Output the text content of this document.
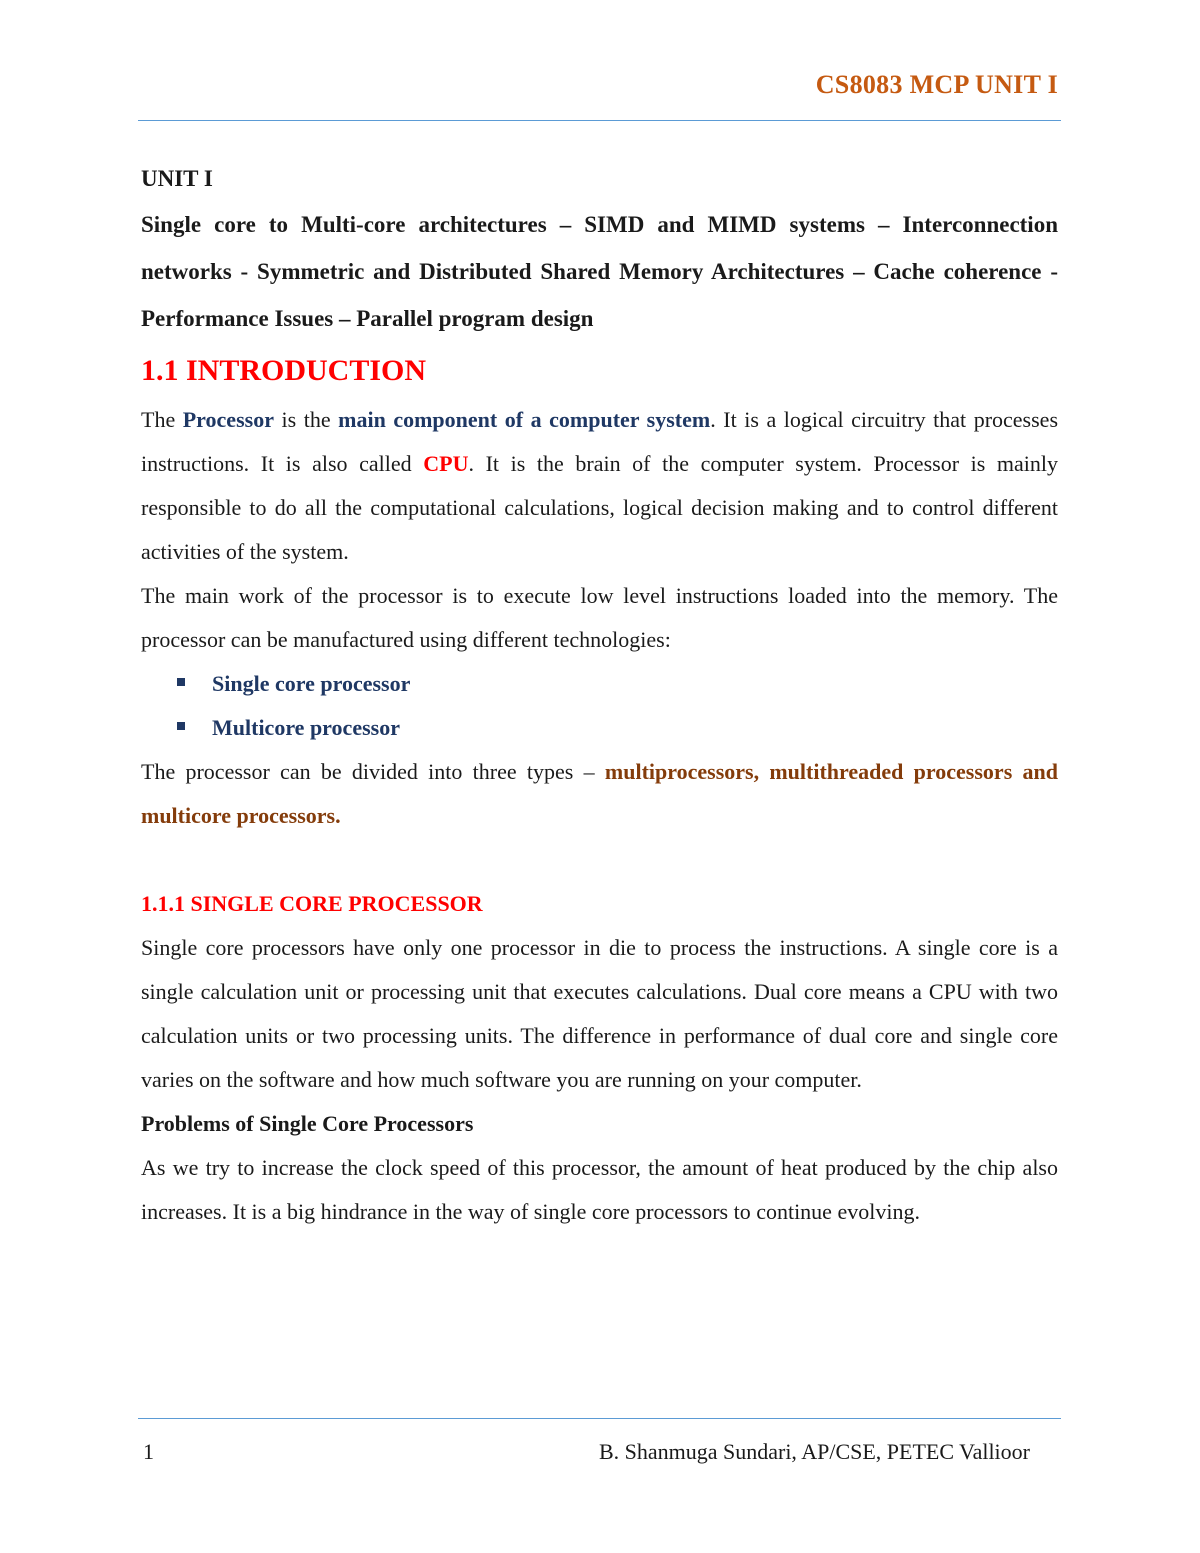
CS8083 MCP UNIT I
UNIT I

Single core to Multi-core architectures – SIMD and MIMD systems – Interconnection networks - Symmetric and Distributed Shared Memory Architectures – Cache coherence - Performance Issues – Parallel program design

1.1 INTRODUCTION

The Processor is the main component of a computer system. It is a logical circuitry that processes instructions. It is also called CPU. It is the brain of the computer system. Processor is mainly responsible to do all the computational calculations, logical decision making and to control different activities of the system.

The main work of the processor is to execute low level instructions loaded into the memory. The processor can be manufactured using different technologies:

Single core processor
Multicore processor

The processor can be divided into three types – multiprocessors, multithreaded processors and multicore processors.

1.1.1 SINGLE CORE PROCESSOR

Single core processors have only one processor in die to process the instructions. A single core is a single calculation unit or processing unit that executes calculations. Dual core means a CPU with two calculation units or two processing units. The difference in performance of dual core and single core varies on the software and how much software you are running on your computer.

Problems of Single Core Processors

As we try to increase the clock speed of this processor, the amount of heat produced by the chip also increases. It is a big hindrance in the way of single core processors to continue evolving.

1	B. Shanmuga Sundari, AP/CSE, PETEC Vallioor
